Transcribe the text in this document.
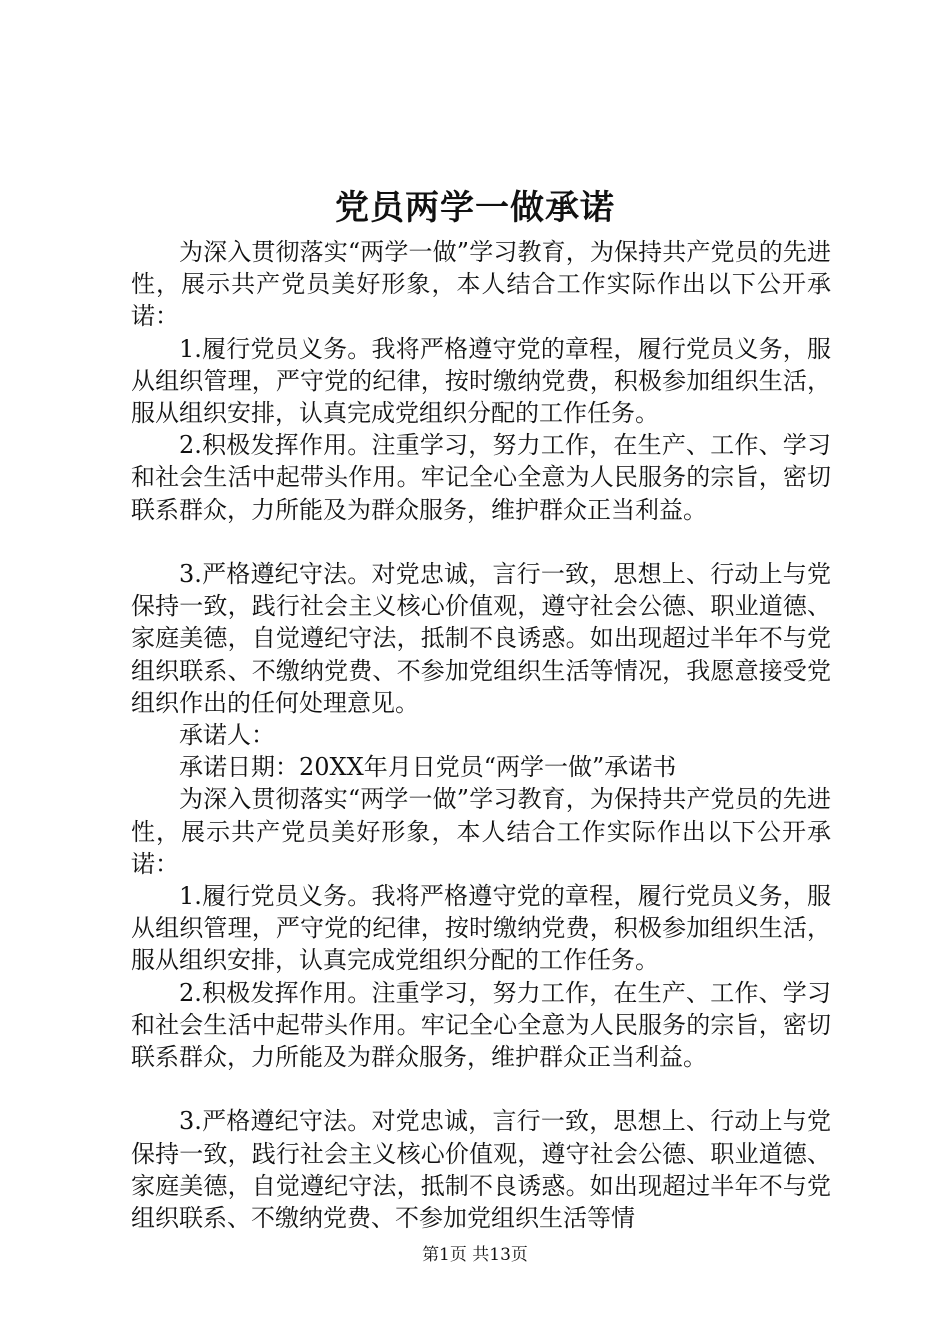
党员两学一做承诺

为深入贯彻落实“两学一做”学习教育，为保持共产党员的先进性，展示共产党员美好形象，本人结合工作实际作出以下公开承诺：

1.履行党员义务。我将严格遵守党的章程，履行党员义务，服从组织管理，严守党的纪律，按时缴纳党费，积极参加组织生活，服从组织安排，认真完成党组织分配的工作任务。

2.积极发挥作用。注重学习，努力工作，在生产、工作、学习和社会生活中起带头作用。牢记全心全意为人民服务的宗旨，密切联系群众，力所能及为群众服务，维护群众正当利益。

3.严格遵纪守法。对党忠诚，言行一致，思想上、行动上与党保持一致，践行社会主义核心价值观，遵守社会公德、职业道德、家庭美德，自觉遵纪守法，抵制不良诱惑。如出现超过半年不与党组织联系、不缴纳党费、不参加党组织生活等情况，我愿意接受党组织作出的任何处理意见。

承诺人：

承诺日期：20XX年月日党员“两学一做”承诺书

为深入贯彻落实“两学一做”学习教育，为保持共产党员的先进性，展示共产党员美好形象，本人结合工作实际作出以下公开承诺：

1.履行党员义务。我将严格遵守党的章程，履行党员义务，服从组织管理，严守党的纪律，按时缴纳党费，积极参加组织生活，服从组织安排，认真完成党组织分配的工作任务。

2.积极发挥作用。注重学习，努力工作，在生产、工作、学习和社会生活中起带头作用。牢记全心全意为人民服务的宗旨，密切联系群众，力所能及为群众服务，维护群众正当利益。

3.严格遵纪守法。对党忠诚，言行一致，思想上、行动上与党保持一致，践行社会主义核心价值观，遵守社会公德、职业道德、家庭美德，自觉遵纪守法，抵制不良诱惑。如出现超过半年不与党组织联系、不缴纳党费、不参加党组织生活等情

第1页 共13页
